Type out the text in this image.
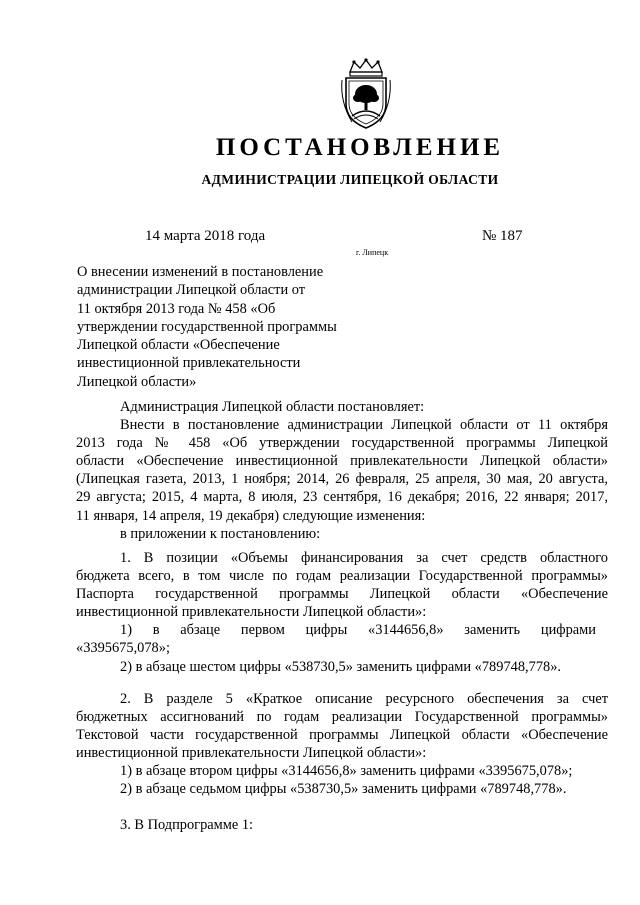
ПОСТАНОВЛЕНИЕ
АДМИНИСТРАЦИИ ЛИПЕЦКОЙ ОБЛАСТИ
14 марта 2018 года	№ 187
г. Липецк
О внесении изменений в постановление
администрации Липецкой области от
11 октября 2013 года № 458 «Об
утверждении государственной программы
Липецкой области «Обеспечение
инвестиционной привлекательности
Липецкой области»
Администрация Липецкой области постановляет:
Внести в постановление администрации Липецкой области от 11 октября
2013 года № 458 «Об утверждении государственной программы Липецкой
области «Обеспечение инвестиционной привлекательности Липецкой области»
(Липецкая газета, 2013, 1 ноября; 2014, 26 февраля, 25 апреля, 30 мая, 20 августа,
29 августа; 2015, 4 марта, 8 июля, 23 сентября, 16 декабря; 2016, 22 января; 2017,
11 января, 14 апреля, 19 декабря) следующие изменения:
в приложении к постановлению:
1. В позиции «Объемы финансирования за счет средств областного
бюджета всего, в том числе по годам реализации Государственной программы»
Паспорта государственной программы Липецкой области «Обеспечение
инвестиционной привлекательности Липецкой области»:
1) в абзаце первом цифры «3144656,8» заменить цифрами
«3395675,078»;
2) в абзаце шестом цифры «538730,5» заменить цифрами «789748,778».
2. В разделе 5 «Краткое описание ресурсного обеспечения за счет
бюджетных ассигнований по годам реализации Государственной программы»
Текстовой части государственной программы Липецкой области «Обеспечение
инвестиционной привлекательности Липецкой области»:
1) в абзаце втором цифры «3144656,8» заменить цифрами «3395675,078»;
2) в абзаце седьмом цифры «538730,5» заменить цифрами «789748,778».
3. В Подпрограмме 1:
